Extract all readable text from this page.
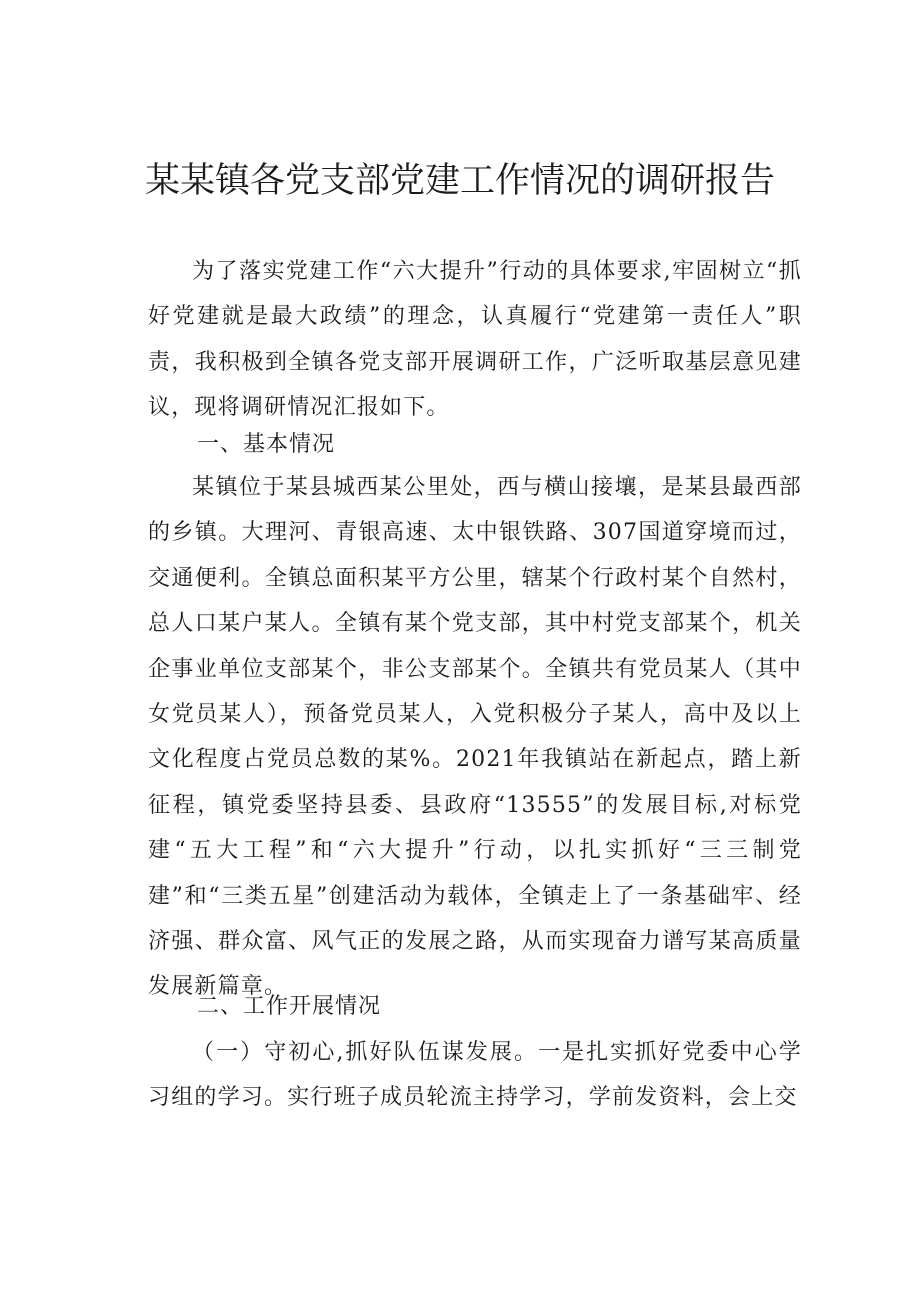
某某镇各党支部党建工作情况的调研报告

为了落实党建工作“六大提升”行动的具体要求,牢固树立“抓好党建就是最大政绩”的理念，认真履行“党建第一责任人”职责，我积极到全镇各党支部开展调研工作，广泛听取基层意见建议，现将调研情况汇报如下。

一、基本情况

某镇位于某县城西某公里处，西与横山接壤，是某县最西部的乡镇。大理河、青银高速、太中银铁路、307国道穿境而过，交通便利。全镇总面积某平方公里，辖某个行政村某个自然村，总人口某户某人。全镇有某个党支部，其中村党支部某个，机关企事业单位支部某个，非公支部某个。全镇共有党员某人（其中女党员某人），预备党员某人，入党积极分子某人，高中及以上文化程度占党员总数的某%。2021年我镇站在新起点，踏上新征程，镇党委坚持县委、县政府“13555”的发展目标,对标党建“五大工程”和“六大提升”行动，以扎实抓好“三三制党建”和“三类五星”创建活动为载体，全镇走上了一条基础牢、经济强、群众富、风气正的发展之路，从而实现奋力谱写某高质量发展新篇章。

二、工作开展情况

（一）守初心,抓好队伍谋发展。一是扎实抓好党委中心学习组的学习。实行班子成员轮流主持学习，学前发资料，会上交
